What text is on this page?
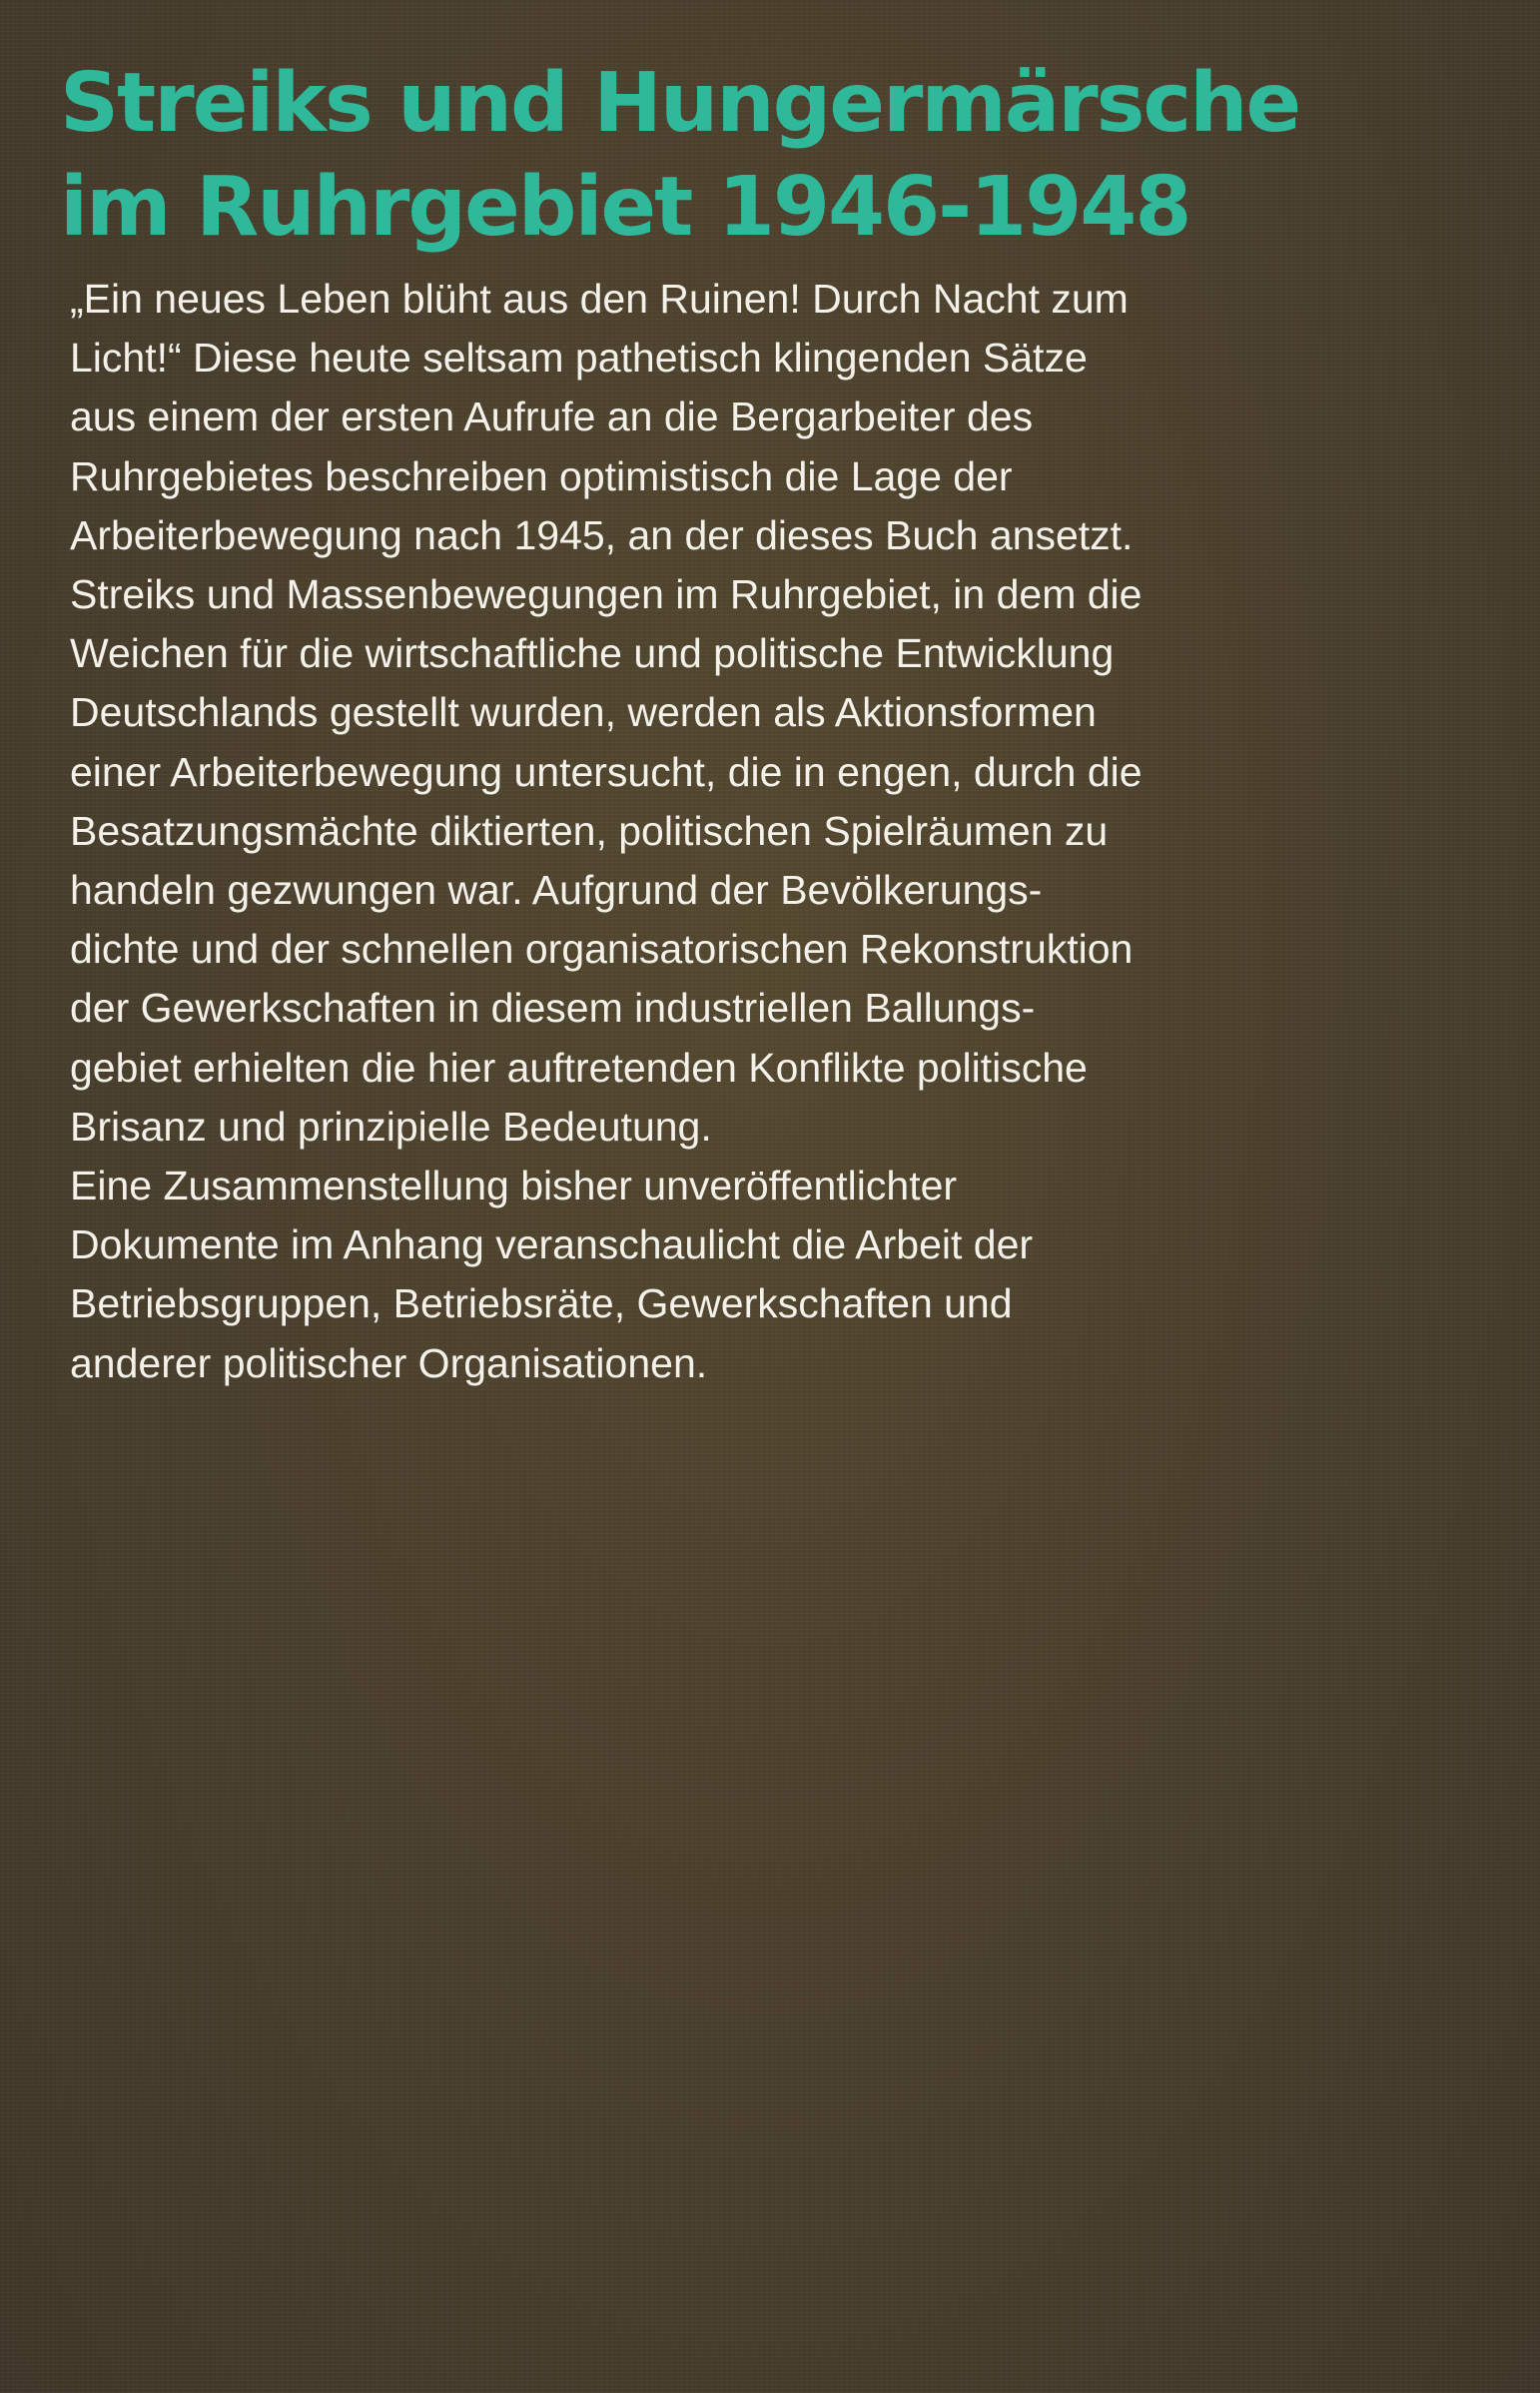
Streiks und Hungermärsche
im Ruhrgebiet 1946-1948
„Ein neues Leben blüht aus den Ruinen! Durch Nacht zum
Licht!“ Diese heute seltsam pathetisch klingenden Sätze
aus einem der ersten Aufrufe an die Bergarbeiter des
Ruhrgebietes beschreiben optimistisch die Lage der
Arbeiterbewegung nach 1945, an der dieses Buch ansetzt.
Streiks und Massenbewegungen im Ruhrgebiet, in dem die
Weichen für die wirtschaftliche und politische Entwicklung
Deutschlands gestellt wurden, werden als Aktionsformen
einer Arbeiterbewegung untersucht, die in engen, durch die
Besatzungsmächte diktierten, politischen Spielräumen zu
handeln gezwungen war. Aufgrund der Bevölkerungs-
dichte und der schnellen organisatorischen Rekonstruktion
der Gewerkschaften in diesem industriellen Ballungs-
gebiet erhielten die hier auftretenden Konflikte politische
Brisanz und prinzipielle Bedeutung.
Eine Zusammenstellung bisher unveröffentlichter
Dokumente im Anhang veranschaulicht die Arbeit der
Betriebsgruppen, Betriebsräte, Gewerkschaften und
anderer politischer Organisationen.
